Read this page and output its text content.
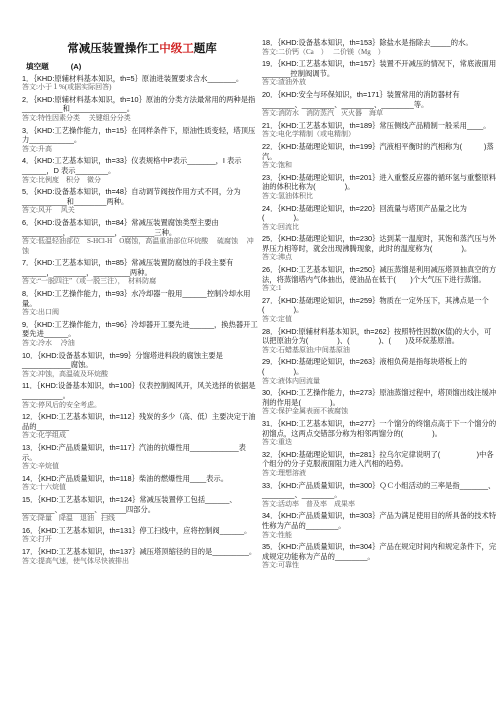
常减压装置操作工中级工题库
填空题	(A)

1．｛KHD:原辅材料基本知识，th=5｝原油进装置要求含水_______。

答文:小于１%(或据实际回答)

2．｛KHD:原辅材料基本知识，th=10｝原油的分类方法最常用的两种是指__________和______________。

答文:特性因素分类　 关键组分分类

3．｛KHD:工艺操作能力，th=15｝在同样条件下，原油性质变轻，塔顶压力___________。

答文:升高

4．｛KHD:工艺基本知识，th=33｝仪表规格中P表示_______，I 表示______，D 表示________。

答文:比例度　积分　微分

5．｛KHD:设备基本知识，th=48｝自动调节阀按作用方式不同，分为___________和________两种。

答文:风开　 风关

6．｛KHD:设备基本知识，th=84｝常减压装置腐蚀类型主要由__________，___________，________三种。

答文:低温轻油部位　S-HCl-H　O腐蚀，高温重油部位环烷酸　 硫腐蚀　 冲蚀

7．｛KHD:工艺基本知识，th=85｝常减压装置防腐蚀的手段主要有______，________，_________两种。

答文:“一脱四注”（或一脱三注），　材料防腐

8．｛KHD:工艺操作能力，th=93｝水冷却器一般用______控制冷却水用量。

答文:出口阀

9．｛KHD:工艺操作能力，th=96｝冷却器开工要先进______，换热器开工要先进______。

答文:冷水　 冷油

10．｛KHD:设备基本知识，th=99｝分馏塔进料段的腐蚀主要是____________腐蚀。

答文:冲蚀，高温硫及环烷酸

11．｛KHD:设备基本知识，th=100｝仪表控制阀风开，风关选择的依据是__________。

答文:停风后的安全考虑。

12．｛KHD:工艺基本知识，th=112｝残炭的多少（高、低）主要决定于油品的________

答文:化学组成

13．｛KHD:产品质量知识，th=117｝汽油的抗爆性用____________表示。

答文:辛烷值

14．｛KHD:产品质量知识，th=118｝柴油的燃爆性用____表示。

答文:十六烷值

15．｛KHD:工艺基本知识，th=124｝常减压装置停工包括______、________、________、______四部分。

答文:降量　降温　退油　扫线

16．｛KHD:工艺基本知识，th=131｝停工扫线中，应将控制阀______。

答文:打开

17．｛KHD:工艺基本知识，th=137｝减压塔顶缩径的目的是_________。

答文:提高气速，使气体尽快被排出

18．｛KHD:设备基本知识，th=153｝除盐水是指除去_____的水。

答文:二价钙（Ca　）　 二价镁（Mg　）

19．｛KHD:工艺基本知识，th=157｝装置不开减压的情况下，常底液面用_______控制阀调节。

答文:渣油外放

20．｛KHD:安全与环保知识，th=171｝装置常用的消防器材有________、________、________、________等。

答文:消防水　消防蒸汽　灭火器　海草

21．｛KHD:工艺基本知识，th=189｝常压侧线产品精制一般采用____。

答文:电化学精制（或电精制）

22．｛KHD:基础理论知识，th=199｝汽液相平衡时的汽相称为(　　　)蒸汽。

答文:饱和

23．｛KHD:基础理论知识，th=201｝进入重整反应器的循环氢与重整原料油的体积比称为(　　　　)。

答文:氢油体积比

24．｛KHD:基础理论知识，th=220｝回流量与塔顶产品量之比为(　　　　)。

答文:回流比

25．｛KHD:基础理论知识，th=230｝达到某一温度时，其饱和蒸汽压与外界压力相等时，就会出现沸腾现象，此时的温度称为(　　　　)。

答文:沸点

26．｛KHD:工艺基本知识，th=250｝减压蒸馏是利用减压塔顶抽真空的方法，将蒸馏塔内气体抽出，使油品在低于(　　)个大气压下进行蒸馏。

答文:1

27．｛KHD:基础理论知识，th=259｝物质在一定外压下，其沸点是一个(　　　　)。

答文:定值

28．｛KHD:原辅材料基本知识，th=262｝按照特性因数(K值)的大小，可以把原油分为(　　　　)、(　　　　)、(　　)及环烷基原油。

答文:石蜡基原油;中间基原油

29．｛KHD:基础理论知识，th=263｝液相负荷是指每块塔板上的(　　　　)。

答文:液体内回流量

30．｛KHD:工艺操作能力，th=273｝原油蒸馏过程中，塔顶馏出线注缓冲剂的作用是(　　　　)。

答文:保护金属表面不被腐蚀

31．｛KHD:工艺基本知识，th=277｝一个馏分的终馏点高于下一个馏分的初馏点，这两点交错部分称为相邻两馏分的(　　　　)。

答文:重迭

32．｛KHD:基础理论知识，th=281｝拉乌尔定律说明了(　　　　　)中各个组分的分子克服液面阻力进入汽相的趋势。

答文:理想溶液

33．｛KHD:产品质量知识，th=300｝ＱＣ小组活动的三率是指_______、________、________。

答文:活动率　普及率　成果率

34．｛KHD:产品质量知识，th=303｝产品为满足使用目的所具备的技术特性称为产品的________。

答文:性能

35．｛KHD:产品质量知识，th=304｝产品在规定时间内和规定条件下，完成规定功能称为产品的________。

答文:可靠性
